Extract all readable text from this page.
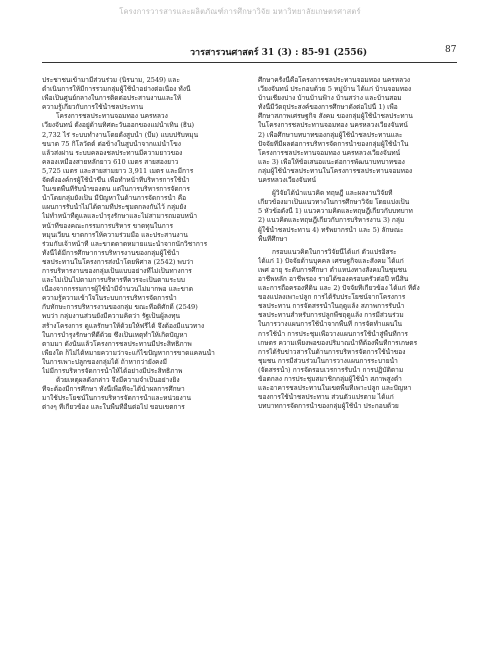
โครงการวารสารและผลิตภัณฑ์การศึกษาวิจัย มหาวิทยาลัยเกษตรศาสตร์
วารสารวนศาสตร์ 31 (3) : 85-91 (2556)	87
ประชาชนเข้ามามีส่วนร่วม (นิรนาม, 2549) และ
ดำเนินการให้มีการรวมกลุ่มผู้ใช้น้ำอย่างต่อเนื่อง ทั้งนี้
เพื่อเป็นศูนย์กลางในการติดต่อประสานงานและให้
ความรู้เกี่ยวกับการใช้น้ำชลประทาน
โครงการชลประทานจอมทอง นครหลวง
เวียงจันทน์ ตั้งอยู่ด้านทิศตะวันออกของแม่น้ำเทิน (ธิน)
2,732 ไร่ ระบบทำงานโดยตั้งสูบน้ำ (ปั๊ม) แบบปรับหมุน
ขนาด 75 กิโลวัตต์ ต่อข้างในสูบน้ำจากแม่น้ำโขง
แล้วส่งผ่าน ระบบคลองชลประทานมีความยาวของ
คลองเหมืองสายหลักยาว 610 เมตร สายสองยาว
5,725 เมตร และสายสามยาว 3,911 เมตร และมีการ
จัดตั้งองค์กรผู้ใช้น้ำขึ้น เพื่อทำหน้าที่บริหารการใช้น้ำ
ในเขตพื้นที่รับน้ำของตน แต่ในการบริหารการจัดการ
น้ำโดยกลุ่มยังเป็น มีปัญหาในด้านการจัดการน้ำ คือ
แผนการรับน้ำไม่ได้ตามที่ประชุมตกลงกันไว้ กลุ่มยัง
ไม่ทำหน้าที่ดูแลและบำรุงรักษาและไม่สามารถมอบหน้า
หน้าที่ของคณะกรรมการบริหาร ขาดทุนในการ
หมุนเวียน ขาดการให้ความร่วมมือ และประสานงาน
ร่วมกับเจ้าหน้าที่ และขาดดาดหมายแนะนำจากนักวิชาการ
ทั้งนี้ได้มีการศึกษาการบริหารงานของกลุ่มผู้ใช้น้ำ
ชลประทานในโครงการส่งน้ำโดยพิศาล (2542) พบว่า
การบริหารงานของกลุ่มเป็นแบบอย่างที่ไม่เป็นทางการ
และไม่เป็นไปตามการบริหารที่ควรจะเป็นตามระบบ
เนื่องจากกรรมการผู้ใช้น้ำมีจำนวนไม่มากพอ และขาด
ความรู้ความเข้าใจในระบบการบริหารจัดการน้ำ
กับทักษะการบริหารงานของกลุ่ม ขณะที่อดิศักดิ์ (2549)
พบว่า กลุ่มงานส่วนยังมีความคิดว่า รัฐเป็นผู้ลงทุน
สร้างโครงการ ดูแลรักษาให้ด้วยให้ฟรีได้ จึงต้องมีแนวทาง
ในการบำรุงรักษาที่ดีด้วย ซึ่งเป็นเหตุทำให้เกิดปัญหา
ตามมา ดังนั้นแล้วโครงการชลประทานมีประสิทธิภาพ
เพียงใด ก็ไม่ได้หมายความว่าจะแก้ไขปัญหาการขาดแคลนน้ำ
ในการเพาะปลูกของกลุ่มได้ ถ้าหากว่ายังคงมี
ไม่มีการบริหารจัดการน้ำให้ได้อย่างมีประสิทธิภาพ
ด้วยเหตุผลดังกล่าว จึงมีความจำเป็นอย่างยิ่ง
ที่จะต้องมีการศึกษา ทั้งนี้เพื่อที่จะได้นำผลการศึกษา
มาใช้ประโยชน์ในการบริหารจัดการน้ำและหน่วยงาน
ต่างๆ ที่เกี่ยวข้อง และในพื้นที่อื่นต่อไป ขอบเขตการ
ศึกษาครั้งนี้คือโครงการชลประทานจอมทอง นครหลวง
เวียงจันทน์ ประกอบด้วย 5 หมู่บ้าน ได้แก่ บ้านจอมทอง
บ้านเชียงบ่าง บ้านบ้านฟ้าง บ้านสว่าง และบ้านสอม
ทั้งนี้มีวัตถุประสงค์ของการศึกษาดังต่อไปนี้ 1) เพื่อ
ศึกษาสภาพเศรษฐกิจ สังคม ของกลุ่มผู้ใช้น้ำชลประทาน
ในโครงการชลประทานจอมทอง นครหลวงเวียงจันทน์
2) เพื่อศึกษาบทบาทของกลุ่มผู้ใช้น้ำชลประทานและ
ปัจจัยที่มีผลต่อการบริหารจัดการน้ำของกลุ่มผู้ใช้น้ำใน
โครงการชลประทานจอมทอง นครหลวงเวียงจันทน์
และ 3) เพื่อให้ข้อเสนอแนะต่อการพัฒนาบทบาทของ
กลุ่มผู้ใช้น้ำชลประทานในโครงการชลประทานจอมทอง
นครหลวงเวียงจันทน์
ผู้วิจัยได้นำแนวคิด ทฤษฎี และผลงานวิจัยที่
เกี่ยวข้องมาเป็นแนวทางในการศึกษาวิจัย โดยแบ่งเป็น
5 หัวข้อดังนี้ 1) แนวความคิดและทฤษฎีเกี่ยวกับบทบาท
2) แนวคิดและทฤษฎีเกี่ยวกับการบริหารงาน 3) กลุ่ม
ผู้ใช้น้ำชลประทาน 4) ทรัพยากรน้ำ และ 5) ลักษณะ
พื้นที่ศึกษา
กรอบแนวคิดในการวิจัยนี้ได้แก่ ตัวแปรอิสระ
ได้แก่ 1) ปัจจัยด้านบุคคล เศรษฐกิจและสังคม ได้แก่
เพศ อายุ ระดับการศึกษา ตำแหน่งทางสังคมในชุมชน
อาชีพหลัก อาชีพรอง รายได้ของครอบครัวต่อปี หนี้สิน
และการถือครองที่ดิน และ 2) ปัจจัยที่เกี่ยวข้อง ได้แก่ ที่ตั้ง
ของแปลงเพาะปลูก การได้รับประโยชน์จากโครงการ
ชลประทาน การจัดสรรน้ำในฤดูแล้ง สภาพการรับน้ำ
ชลประทานสำหรับการปลูกพืชฤดูแล้ง การมีส่วนร่วม
ในการวางแผนการใช้น้ำจากพื้นที่ การจัดทำแผนใน
การใช้น้ำ การประชุมเพื่อวางแผนการใช้น้ำสู่พื้นที่การ
เกษตร ความเพียงพอของปริมาณน้ำที่ต้องพื้นที่การเกษตร
การได้รับข่าวสารในด้านการบริหารจัดการใช้น้ำของ
ชุมชน การมีส่วนร่วมในการวางแผนการระบายน้ำ
(จัดสรรน้ำ) การจัดรอบเวรการรับน้ำ การปฏิบัติตาม
ข้อตกลง การประชุมสมาชิกกลุ่มผู้ใช้น้ำ สภาพสูงต่ำ
และอาคารชลประทานในเขตพื้นที่เพาะปลูก และปัญหา
ของการใช้น้ำชลประทาน ส่วนตัวแปรตาม ได้แก่
บทบาทการจัดการน้ำของกลุ่มผู้ใช้น้ำ ประกอบด้วย
